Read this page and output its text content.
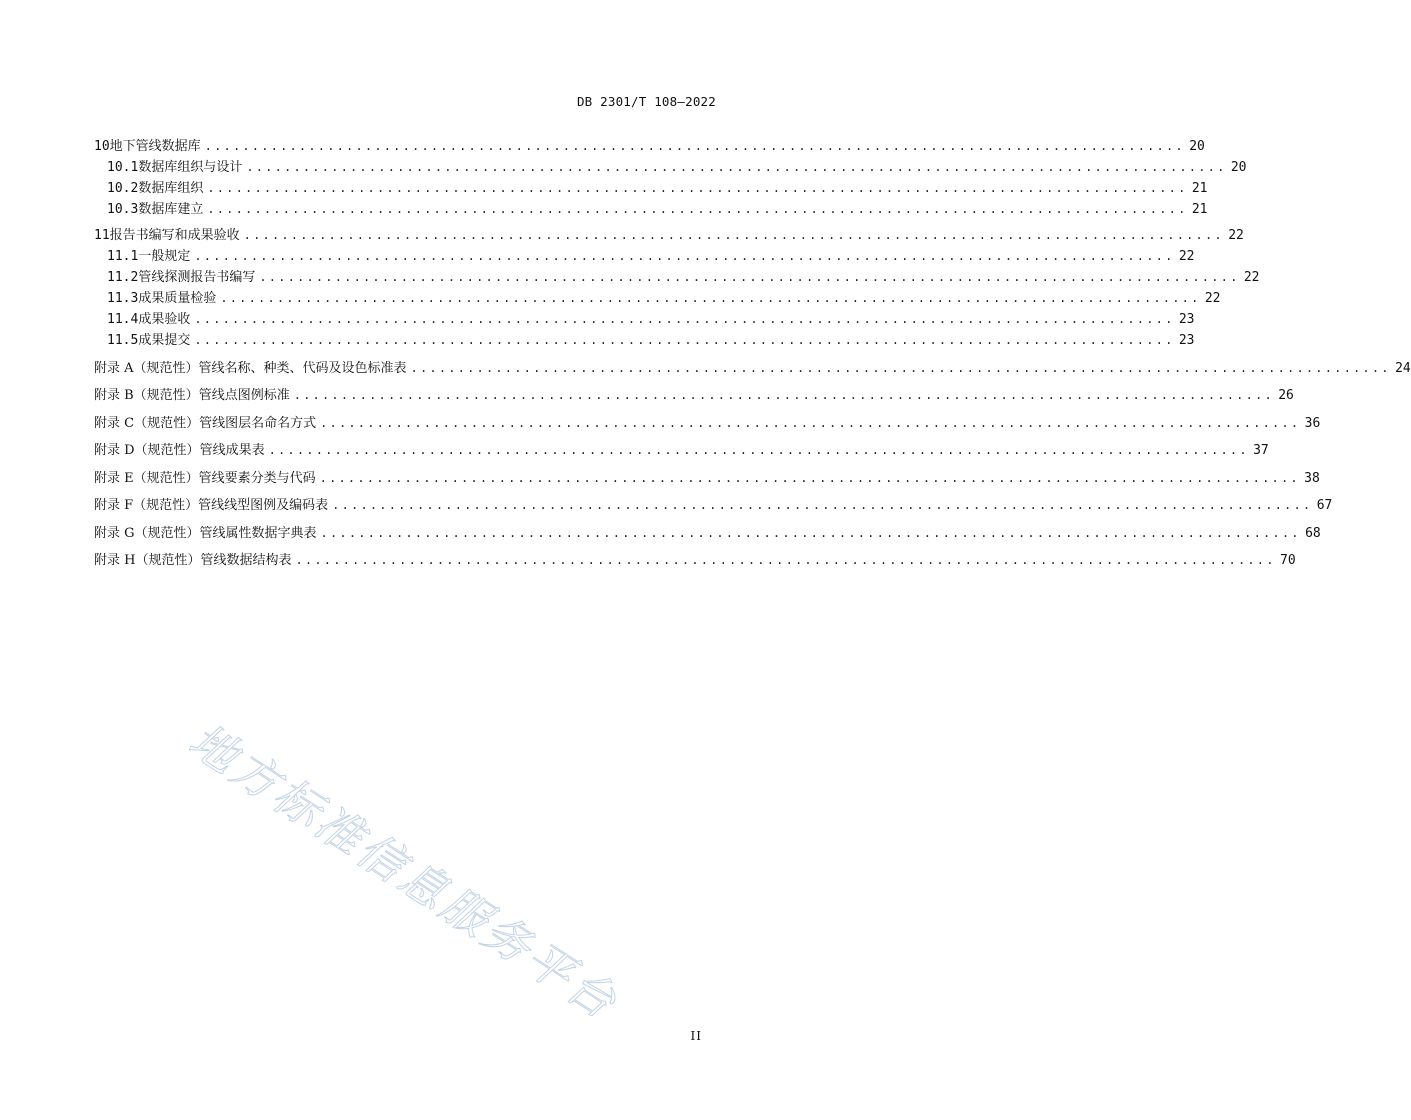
DB 2301/T 108—2022
10 地下管线数据库 ........................................................................................................ 20
10.1 数据库组织与设计 ........................................................................................................ 20
10.2 数据库组织 ........................................................................................................ 21
10.3 数据库建立 ........................................................................................................ 21
11 报告书编写和成果验收 ........................................................................................................ 22
11.1 一般规定 ........................................................................................................ 22
11.2 管线探测报告书编写 ........................................................................................................ 22
11.3 成果质量检验 ........................................................................................................ 22
11.4 成果验收 ........................................................................................................ 23
11.5 成果提交 ........................................................................................................ 23
附录 A（规范性） 管线名称、种类、代码及设色标准表 ........................................................................................................ 24
附录 B（规范性） 管线点图例标准 ........................................................................................................ 26
附录 C（规范性） 管线图层名命名方式 ........................................................................................................ 36
附录 D（规范性） 管线成果表 ........................................................................................................ 37
附录 E（规范性） 管线要素分类与代码 ........................................................................................................ 38
附录 F（规范性） 管线线型图例及编码表 ........................................................................................................ 67
附录 G（规范性） 管线属性数据字典表 ........................................................................................................ 68
附录 H（规范性） 管线数据结构表 ........................................................................................................ 70
地方标准信息服务平台
II
